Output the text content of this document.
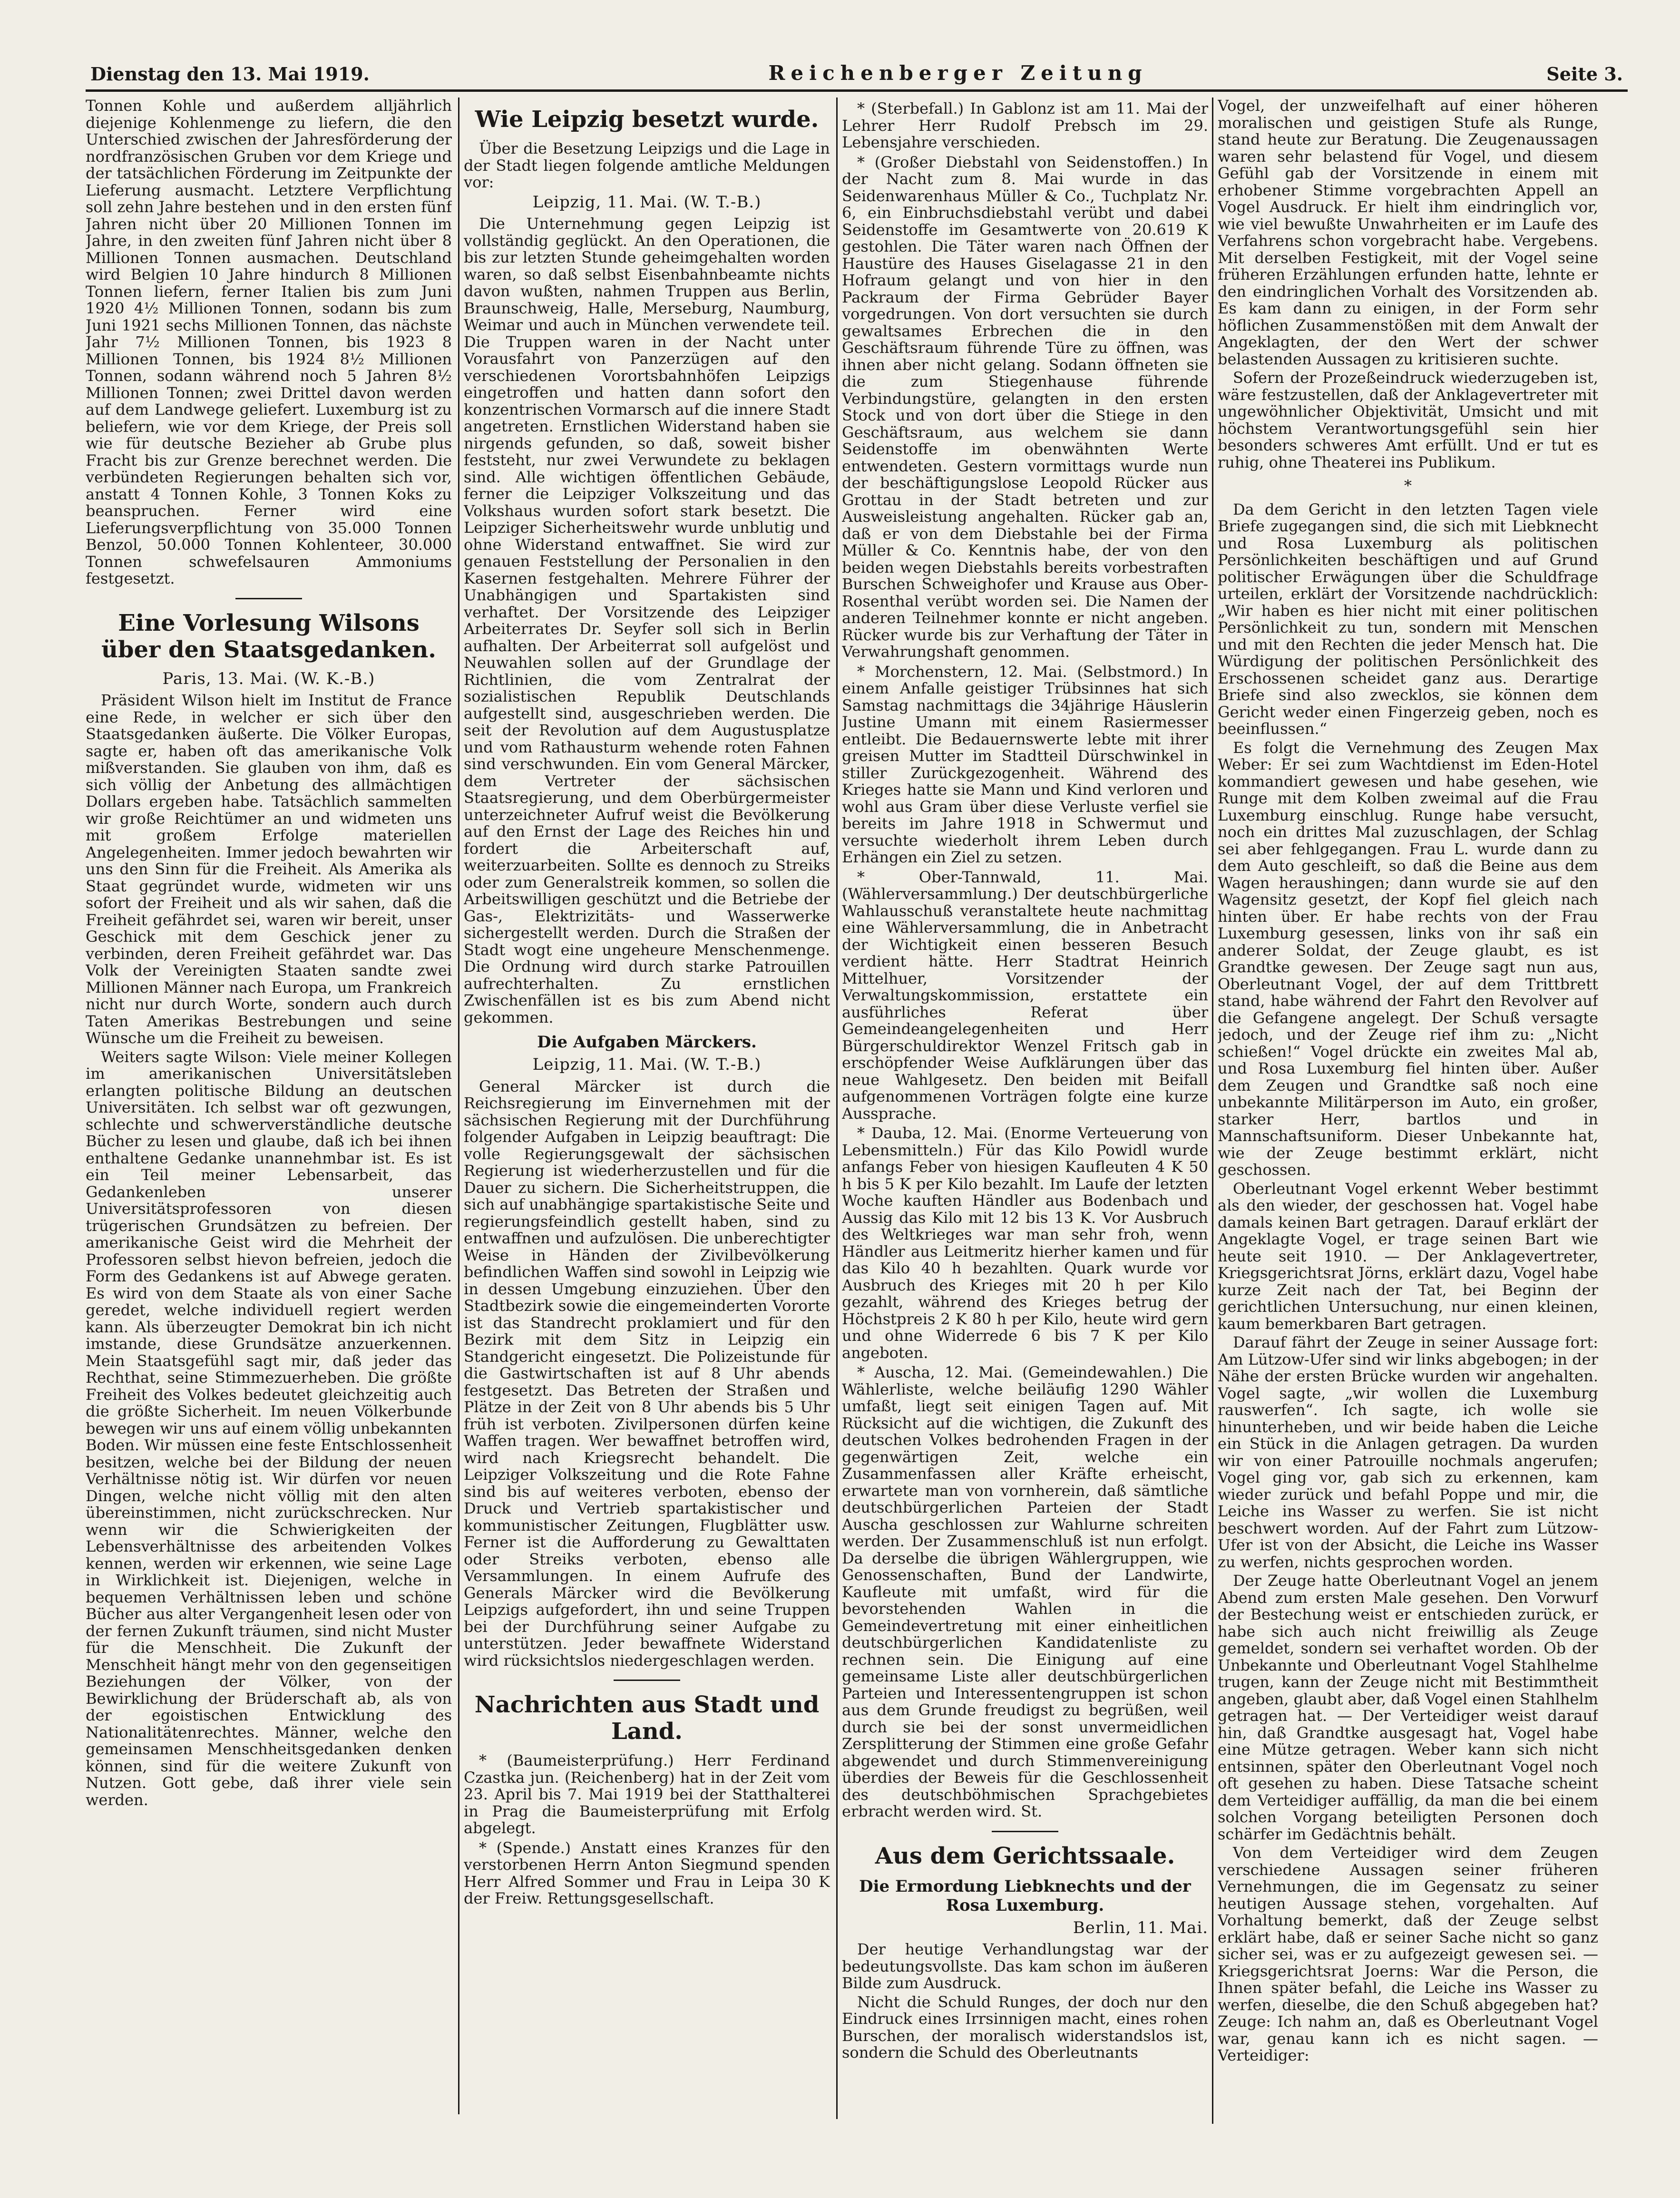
Dienstag den 13. Mai 1919.	Reichenberger Zeitung	Seite 3.

Tonnen Kohle und außerdem alljährlich diejenige Kohlenmenge zu liefern, die den Unterschied zwischen der Jahresförderung der nordfranzösischen Gruben vor dem Kriege und der tatsächlichen Förderung im Zeitpunkte der Lieferung ausmacht. Letztere Verpflichtung soll zehn Jahre bestehen und in den ersten fünf Jahren nicht über 20 Millionen Tonnen im Jahre, in den zweiten fünf Jahren nicht über 8 Millionen Tonnen ausmachen. Deutschland wird Belgien 10 Jahre hindurch 8 Millionen Tonnen liefern, ferner Italien bis zum Juni 1920 4½ Millionen Tonnen, sodann bis zum Juni 1921 sechs Millionen Tonnen, das nächste Jahr 7½ Millionen Tonnen, bis 1923 8 Millionen Tonnen, bis 1924 8½ Millionen Tonnen, sodann während noch 5 Jahren 8½ Millionen Tonnen; zwei Drittel davon werden auf dem Landwege geliefert. Luxemburg ist zu beliefern, wie vor dem Kriege, der Preis soll wie für deutsche Bezieher ab Grube plus Fracht bis zur Grenze berechnet werden. Die verbündeten Regierungen behalten sich vor, anstatt 4 Tonnen Kohle, 3 Tonnen Koks zu beanspruchen. Ferner wird eine Lieferungsverpflichtung von 35.000 Tonnen Benzol, 50.000 Tonnen Kohlenteer, 30.000 Tonnen schwefelsauren Ammoniums festgesetzt.

Eine Vorlesung Wilsons über den Staatsgedanken.
Paris, 13. Mai. (W. K.-B.)

Präsident Wilson hielt im Institut de France eine Rede, in welcher er sich über den Staatsgedanken äußerte. Die Völker Europas, sagte er, haben oft das amerikanische Volk mißverstanden. Sie glauben von ihm, daß es sich völlig der Anbetung des allmächtigen Dollars ergeben habe. Tatsächlich sammelten wir große Reichtümer an und widmeten uns mit großem Erfolge materiellen Angelegenheiten. Immer jedoch bewahrten wir uns den Sinn für die Freiheit. Als Amerika als Staat gegründet wurde, widmeten wir uns sofort der Freiheit und als wir sahen, daß die Freiheit gefährdet sei, waren wir bereit, unser Geschick mit dem Geschick jener zu verbinden, deren Freiheit gefährdet war. Das Volk der Vereinigten Staaten sandte zwei Millionen Männer nach Europa, um Frankreich nicht nur durch Worte, sondern auch durch Taten Amerikas Bestrebungen und seine Wünsche um die Freiheit zu beweisen.

Weiters sagte Wilson: Viele meiner Kollegen im amerikanischen Universitätsleben erlangten politische Bildung an deutschen Universitäten. Ich selbst war oft gezwungen, schlechte und schwerverständliche deutsche Bücher zu lesen und glaube, daß ich bei ihnen enthaltene Gedanke unannehmbar ist. Es ist ein Teil meiner Lebensarbeit, das Gedankenleben unserer Universitätsprofessoren von diesen trügerischen Grundsätzen zu befreien. Der amerikanische Geist wird die Mehrheit der Professoren selbst hievon befreien, jedoch die Form des Gedankens ist auf Abwege geraten. Es wird von dem Staate als von einer Sache geredet, welche individuell regiert werden kann. Als überzeugter Demokrat bin ich nicht imstande, diese Grundsätze anzuerkennen. Mein Staatsgefühl sagt mir, daß jeder das Rechthat, seine Stimmezuerheben. Die größte Freiheit des Volkes bedeutet gleichzeitig auch die größte Sicherheit. Im neuen Völkerbunde bewegen wir uns auf einem völlig unbekannten Boden. Wir müssen eine feste Entschlossenheit besitzen, welche bei der Bildung der neuen Verhältnisse nötig ist. Wir dürfen vor neuen Dingen, welche nicht völlig mit den alten übereinstimmen, nicht zurückschrecken. Nur wenn wir die Schwierigkeiten der Lebensverhältnisse des arbeitenden Volkes kennen, werden wir erkennen, wie seine Lage in Wirklichkeit ist. Diejenigen, welche in bequemen Verhältnissen leben und schöne Bücher aus alter Vergangenheit lesen oder von der fernen Zukunft träumen, sind nicht Muster für die Menschheit. Die Zukunft der Menschheit hängt mehr von den gegenseitigen Beziehungen der Völker, von der Bewirklichung der Brüderschaft ab, als von der egoistischen Entwicklung des Nationalitätenrechtes. Männer, welche den gemeinsamen Menschheitsgedanken denken können, sind für die weitere Zukunft von Nutzen. Gott gebe, daß ihrer viele sein werden.

Wie Leipzig besetzt wurde.

Über die Besetzung Leipzigs und die Lage in der Stadt liegen folgende amtliche Meldungen vor:

Leipzig, 11. Mai. (W. T.-B.)

Die Unternehmung gegen Leipzig ist vollständig geglückt. An den Operationen, die bis zur letzten Stunde geheimgehalten worden waren, so daß selbst Eisenbahnbeamte nichts davon wußten, nahmen Truppen aus Berlin, Braunschweig, Halle, Merseburg, Naumburg, Weimar und auch in München verwendete teil. Die Truppen waren in der Nacht unter Vorausfahrt von Panzerzügen auf den verschiedenen Vorortsbahnhöfen Leipzigs eingetroffen und hatten dann sofort den konzentrischen Vormarsch auf die innere Stadt angetreten. Ernstlichen Widerstand haben sie nirgends gefunden, so daß, soweit bisher feststeht, nur zwei Verwundete zu beklagen sind. Alle wichtigen öffentlichen Gebäude, ferner die Leipziger Volkszeitung und das Volkshaus wurden sofort stark besetzt. Die Leipziger Sicherheitswehr wurde unblutig und ohne Widerstand entwaffnet. Sie wird zur genauen Feststellung der Personalien in den Kasernen festgehalten. Mehrere Führer der Unabhängigen und Spartakisten sind verhaftet. Der Vorsitzende des Leipziger Arbeiterrates Dr. Seyfer soll sich in Berlin aufhalten. Der Arbeiterrat soll aufgelöst und Neuwahlen sollen auf der Grundlage der Richtlinien, die vom Zentralrat der sozialistischen Republik Deutschlands aufgestellt sind, ausgeschrieben werden. Die seit der Revolution auf dem Augustusplatze und vom Rathausturm wehende roten Fahnen sind verschwunden. Ein vom General Märcker, dem Vertreter der sächsischen Staatsregierung, und dem Oberbürgermeister unterzeichneter Aufruf weist die Bevölkerung auf den Ernst der Lage des Reiches hin und fordert die Arbeiterschaft auf, weiterzuarbeiten. Sollte es dennoch zu Streiks oder zum Generalstreik kommen, so sollen die Arbeitswilligen geschützt und die Betriebe der Gas-, Elektrizitäts- und Wasserwerke sichergestellt werden. Durch die Straßen der Stadt wogt eine ungeheure Menschenmenge. Die Ordnung wird durch starke Patrouillen aufrechterhalten. Zu ernstlichen Zwischenfällen ist es bis zum Abend nicht gekommen.

Die Aufgaben Märckers.
Leipzig, 11. Mai. (W. T.-B.)

General Märcker ist durch die Reichsregierung im Einvernehmen mit der sächsischen Regierung mit der Durchführung folgender Aufgaben in Leipzig beauftragt: Die volle Regierungsgewalt der sächsischen Regierung ist wiederherzustellen und für die Dauer zu sichern. Die Sicherheitstruppen, die sich auf unabhängige spartakistische Seite und regierungsfeindlich gestellt haben, sind zu entwaffnen und aufzulösen. Die unberechtigter Weise in Händen der Zivilbevölkerung befindlichen Waffen sind sowohl in Leipzig wie in dessen Umgebung einzuziehen. Über den Stadtbezirk sowie die eingemeinderten Vororte ist das Standrecht proklamiert und für den Bezirk mit dem Sitz in Leipzig ein Standgericht eingesetzt. Die Polizeistunde für die Gastwirtschaften ist auf 8 Uhr abends festgesetzt. Das Betreten der Straßen und Plätze in der Zeit von 8 Uhr abends bis 5 Uhr früh ist verboten. Zivilpersonen dürfen keine Waffen tragen. Wer bewaffnet betroffen wird, wird nach Kriegsrecht behandelt. Die Leipziger Volkszeitung und die Rote Fahne sind bis auf weiteres verboten, ebenso der Druck und Vertrieb spartakistischer und kommunistischer Zeitungen, Flugblätter usw. Ferner ist die Aufforderung zu Gewalttaten oder Streiks verboten, ebenso alle Versammlungen. In einem Aufrufe des Generals Märcker wird die Bevölkerung Leipzigs aufgefordert, ihn und seine Truppen bei der Durchführung seiner Aufgabe zu unterstützen. Jeder bewaffnete Widerstand wird rücksichtslos niedergeschlagen werden.

Nachrichten aus Stadt und Land.

* (Baumeisterprüfung.) Herr Ferdinand Czastka jun. (Reichenberg) hat in der Zeit vom 23. April bis 7. Mai 1919 bei der Statthalterei in Prag die Baumeisterprüfung mit Erfolg abgelegt.

* (Spende.) Anstatt eines Kranzes für den verstorbenen Herrn Anton Siegmund spenden Herr Alfred Sommer und Frau in Leipa 30 K der Freiw. Rettungsgesellschaft.

* (Sterbefall.) In Gablonz ist am 11. Mai der Lehrer Herr Rudolf Prebsch im 29. Lebensjahre verschieden.

* (Großer Diebstahl von Seidenstoffen.) In der Nacht zum 8. Mai wurde in das Seidenwarenhaus Müller & Co., Tuchplatz Nr. 6, ein Einbruchsdiebstahl verübt und dabei Seidenstoffe im Gesamtwerte von 20.619 K gestohlen. Die Täter waren nach Öffnen der Haustüre des Hauses Giselagasse 21 in den Hofraum gelangt und von hier in den Packraum der Firma Gebrüder Bayer vorgedrungen. Von dort versuchten sie durch gewaltsames Erbrechen die in den Geschäftsraum führende Türe zu öffnen, was ihnen aber nicht gelang. Sodann öffneten sie die zum Stiegenhause führende Verbindungstüre, gelangten in den ersten Stock und von dort über die Stiege in den Geschäftsraum, aus welchem sie dann Seidenstoffe im obenwähnten Werte entwendeten. Gestern vormittags wurde nun der beschäftigungslose Leopold Rücker aus Grottau in der Stadt betreten und zur Ausweisleistung angehalten. Rücker gab an, daß er von dem Diebstahle bei der Firma Müller & Co. Kenntnis habe, der von den beiden wegen Diebstahls bereits vorbestraften Burschen Schweighofer und Krause aus Ober-Rosenthal verübt worden sei. Die Namen der anderen Teilnehmer konnte er nicht angeben. Rücker wurde bis zur Verhaftung der Täter in Verwahrungshaft genommen.

* Morchenstern, 12. Mai. (Selbstmord.) In einem Anfalle geistiger Trübsinnes hat sich Samstag nachmittags die 34jährige Häuslerin Justine Umann mit einem Rasiermesser entleibt. Die Bedauernswerte lebte mit ihrer greisen Mutter im Stadtteil Dürschwinkel in stiller Zurückgezogenheit. Während des Krieges hatte sie Mann und Kind verloren und wohl aus Gram über diese Verluste verfiel sie bereits im Jahre 1918 in Schwermut und versuchte wiederholt ihrem Leben durch Erhängen ein Ziel zu setzen.

* Ober-Tannwald, 11. Mai. (Wählerversammlung.) Der deutschbürgerliche Wahlausschuß veranstaltete heute nachmittag eine Wählerversammlung, die in Anbetracht der Wichtigkeit einen besseren Besuch verdient hätte. Herr Stadtrat Heinrich Mittelhuer, Vorsitzender der Verwaltungskommission, erstattete ein ausführliches Referat über Gemeindeangelegenheiten und Herr Bürgerschuldirektor Wenzel Fritsch gab in erschöpfender Weise Aufklärungen über das neue Wahlgesetz. Den beiden mit Beifall aufgenommenen Vorträgen folgte eine kurze Aussprache.

* Dauba, 12. Mai. (Enorme Verteuerung von Lebensmitteln.) Für das Kilo Powidl wurde anfangs Feber von hiesigen Kaufleuten 4 K 50 h bis 5 K per Kilo bezahlt. Im Laufe der letzten Woche kauften Händler aus Bodenbach und Aussig das Kilo mit 12 bis 13 K. Vor Ausbruch des Weltkrieges war man sehr froh, wenn Händler aus Leitmeritz hierher kamen und für das Kilo 40 h bezahlten. Quark wurde vor Ausbruch des Krieges mit 20 h per Kilo gezahlt, während des Krieges betrug der Höchstpreis 2 K 80 h per Kilo, heute wird gern und ohne Widerrede 6 bis 7 K per Kilo angeboten.

* Auscha, 12. Mai. (Gemeindewahlen.) Die Wählerliste, welche beiläufig 1290 Wähler umfaßt, liegt seit einigen Tagen auf. Mit Rücksicht auf die wichtigen, die Zukunft des deutschen Volkes bedrohenden Fragen in der gegenwärtigen Zeit, welche ein Zusammenfassen aller Kräfte erheischt, erwartete man von vornherein, daß sämtliche deutschbürgerlichen Parteien der Stadt Auscha geschlossen zur Wahlurne schreiten werden. Der Zusammenschluß ist nun erfolgt. Da derselbe die übrigen Wählergruppen, wie Genossenschaften, Bund der Landwirte, Kaufleute mit umfaßt, wird für die bevorstehenden Wahlen in die Gemeindevertretung mit einer einheitlichen deutschbürgerlichen Kandidatenliste zu rechnen sein. Die Einigung auf eine gemeinsame Liste aller deutschbürgerlichen Parteien und Interessentengruppen ist schon aus dem Grunde freudigst zu begrüßen, weil durch sie bei der sonst unvermeidlichen Zersplitterung der Stimmen eine große Gefahr abgewendet und durch Stimmenvereinigung überdies der Beweis für die Geschlossenheit des deutschböhmischen Sprachgebietes erbracht werden wird. St.

Aus dem Gerichtssaale.
Die Ermordung Liebknechts und der Rosa Luxemburg.
Berlin, 11. Mai.

Der heutige Verhandlungstag war der bedeutungsvollste. Das kam schon im äußeren Bilde zum Ausdruck.

Nicht die Schuld Runges, der doch nur den Eindruck eines Irrsinnigen macht, eines rohen Burschen, der moralisch widerstandslos ist, sondern die Schuld des Oberleutnants

Vogel, der unzweifelhaft auf einer höheren moralischen und geistigen Stufe als Runge, stand heute zur Beratung. Die Zeugenaussagen waren sehr belastend für Vogel, und diesem Gefühl gab der Vorsitzende in einem mit erhobener Stimme vorgebrachten Appell an Vogel Ausdruck. Er hielt ihm eindringlich vor, wie viel bewußte Unwahrheiten er im Laufe des Verfahrens schon vorgebracht habe. Vergebens. Mit derselben Festigkeit, mit der Vogel seine früheren Erzählungen erfunden hatte, lehnte er den eindringlichen Vorhalt des Vorsitzenden ab. Es kam dann zu einigen, in der Form sehr höflichen Zusammenstößen mit dem Anwalt der Angeklagten, der den Wert der schwer belastenden Aussagen zu kritisieren suchte.

Sofern der Prozeßeindruck wiederzugeben ist, wäre festzustellen, daß der Anklagevertreter mit ungewöhnlicher Objektivität, Umsicht und mit höchstem Verantwortungsgefühl sein hier besonders schweres Amt erfüllt. Und er tut es ruhig, ohne Theaterei ins Publikum.

*

Da dem Gericht in den letzten Tagen viele Briefe zugegangen sind, die sich mit Liebknecht und Rosa Luxemburg als politischen Persönlichkeiten beschäftigen und auf Grund politischer Erwägungen über die Schuldfrage urteilen, erklärt der Vorsitzende nachdrücklich: „Wir haben es hier nicht mit einer politischen Persönlichkeit zu tun, sondern mit Menschen und mit den Rechten die jeder Mensch hat. Die Würdigung der politischen Persönlichkeit des Erschossenen scheidet ganz aus. Derartige Briefe sind also zwecklos, sie können dem Gericht weder einen Fingerzeig geben, noch es beeinflussen.“

Es folgt die Vernehmung des Zeugen Max Weber: Er sei zum Wachtdienst im Eden-Hotel kommandiert gewesen und habe gesehen, wie Runge mit dem Kolben zweimal auf die Frau Luxemburg einschlug. Runge habe versucht, noch ein drittes Mal zuzuschlagen, der Schlag sei aber fehlgegangen. Frau L. wurde dann zu dem Auto geschleift, so daß die Beine aus dem Wagen heraushingen; dann wurde sie auf den Wagensitz gesetzt, der Kopf fiel gleich nach hinten über. Er habe rechts von der Frau Luxemburg gesessen, links von ihr saß ein anderer Soldat, der Zeuge glaubt, es ist Grandtke gewesen. Der Zeuge sagt nun aus, Oberleutnant Vogel, der auf dem Trittbrett stand, habe während der Fahrt den Revolver auf die Gefangene angelegt. Der Schuß versagte jedoch, und der Zeuge rief ihm zu: „Nicht schießen!“ Vogel drückte ein zweites Mal ab, und Rosa Luxemburg fiel hinten über. Außer dem Zeugen und Grandtke saß noch eine unbekannte Militärperson im Auto, ein großer, starker Herr, bartlos und in Mannschaftsuniform. Dieser Unbekannte hat, wie der Zeuge bestimmt erklärt, nicht geschossen.

Oberleutnant Vogel erkennt Weber bestimmt als den wieder, der geschossen hat. Vogel habe damals keinen Bart getragen. Darauf erklärt der Angeklagte Vogel, er trage seinen Bart wie heute seit 1910. — Der Anklagevertreter, Kriegsgerichtsrat Jörns, erklärt dazu, Vogel habe kurze Zeit nach der Tat, bei Beginn der gerichtlichen Untersuchung, nur einen kleinen, kaum bemerkbaren Bart getragen.

Darauf fährt der Zeuge in seiner Aussage fort: Am Lützow-Ufer sind wir links abgebogen; in der Nähe der ersten Brücke wurden wir angehalten. Vogel sagte, „wir wollen die Luxemburg rauswerfen“. Ich sagte, ich wolle sie hinunterheben, und wir beide haben die Leiche ein Stück in die Anlagen getragen. Da wurden wir von einer Patrouille nochmals angerufen; Vogel ging vor, gab sich zu erkennen, kam wieder zurück und befahl Poppe und mir, die Leiche ins Wasser zu werfen. Sie ist nicht beschwert worden. Auf der Fahrt zum Lützow-Ufer ist von der Absicht, die Leiche ins Wasser zu werfen, nichts gesprochen worden.

Der Zeuge hatte Oberleutnant Vogel an jenem Abend zum ersten Male gesehen. Den Vorwurf der Bestechung weist er entschieden zurück, er habe sich auch nicht freiwillig als Zeuge gemeldet, sondern sei verhaftet worden. Ob der Unbekannte und Oberleutnant Vogel Stahlhelme trugen, kann der Zeuge nicht mit Bestimmtheit angeben, glaubt aber, daß Vogel einen Stahlhelm getragen hat. — Der Verteidiger weist darauf hin, daß Grandtke ausgesagt hat, Vogel habe eine Mütze getragen. Weber kann sich nicht entsinnen, später den Oberleutnant Vogel noch oft gesehen zu haben. Diese Tatsache scheint dem Verteidiger auffällig, da man die bei einem solchen Vorgang beteiligten Personen doch schärfer im Gedächtnis behält.

Von dem Verteidiger wird dem Zeugen verschiedene Aussagen seiner früheren Vernehmungen, die im Gegensatz zu seiner heutigen Aussage stehen, vorgehalten. Auf Vorhaltung bemerkt, daß der Zeuge selbst erklärt habe, daß er seiner Sache nicht so ganz sicher sei, was er zu aufgezeigt gewesen sei. — Kriegsgerichtsrat Joerns: War die Person, die Ihnen später befahl, die Leiche ins Wasser zu werfen, dieselbe, die den Schuß abgegeben hat? Zeuge: Ich nahm an, daß es Oberleutnant Vogel war, genau kann ich es nicht sagen. — Verteidiger:
